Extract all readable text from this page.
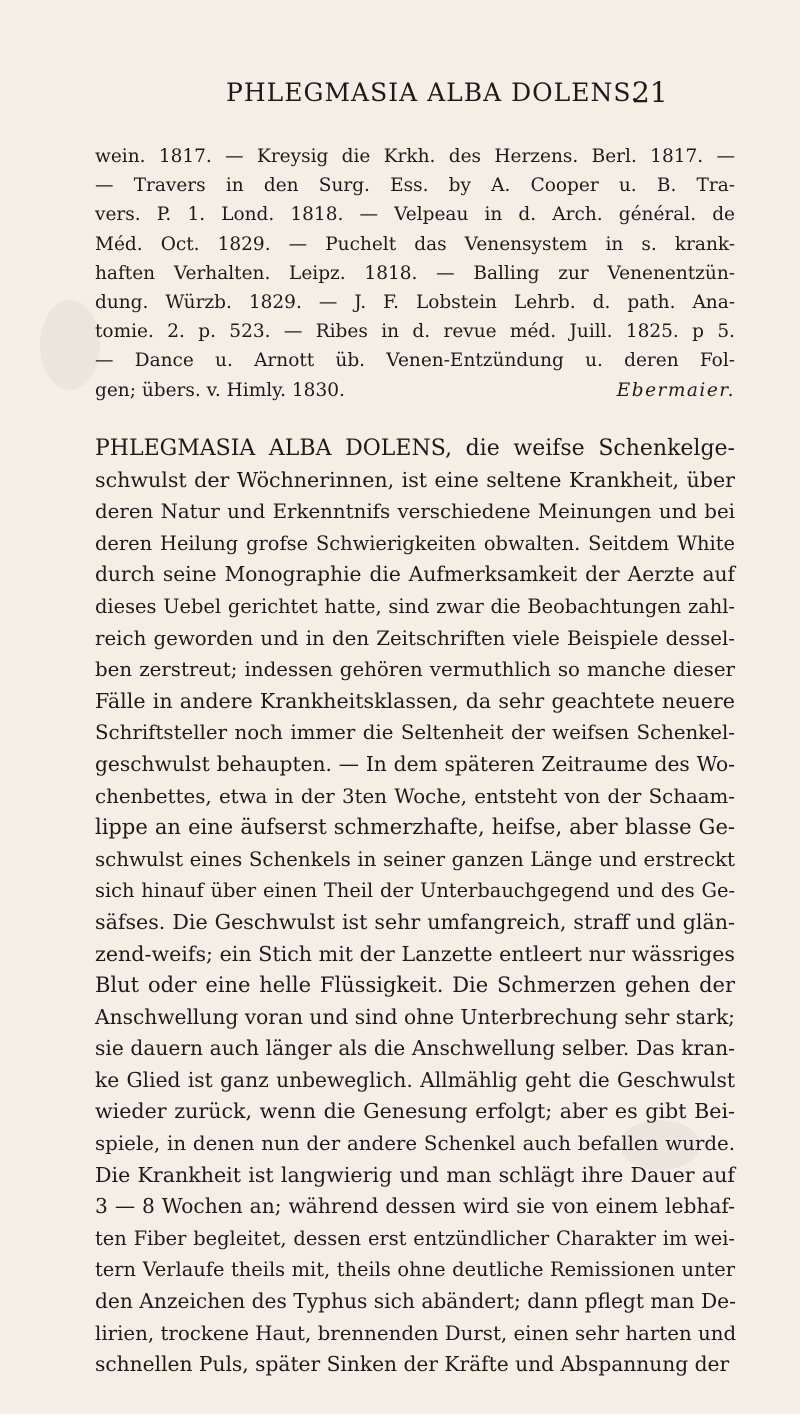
PHLEGMASIA ALBA DOLENS.
21
wein. 1817. — Kreysig die Krkh. des Herzens. Berl. 1817. —
— Travers in den Surg. Ess. by A. Cooper u. B. Tra-
vers. P. 1. Lond. 1818. — Velpeau in d. Arch. général. de
Méd. Oct. 1829. — Puchelt das Venensystem in s. krank-
haften Verhalten. Leipz. 1818. — Balling zur Venenentzün-
dung. Würzb. 1829. — J. F. Lobstein Lehrb. d. path. Ana-
tomie. 2. p. 523. — Ribes in d. revue méd. Juill. 1825. p 5.
— Dance u. Arnott üb. Venen-Entzündung u. deren Fol-
gen; übers. v. Himly. 1830.	Ebermaier.
PHLEGMASIA ALBA DOLENS, die weifse Schenkelge-
schwulst der Wöchnerinnen, ist eine seltene Krankheit, über
deren Natur und Erkenntnifs verschiedene Meinungen und bei
deren Heilung grofse Schwierigkeiten obwalten. Seitdem White
durch seine Monographie die Aufmerksamkeit der Aerzte auf
dieses Uebel gerichtet hatte, sind zwar die Beobachtungen zahl-
reich geworden und in den Zeitschriften viele Beispiele dessel-
ben zerstreut; indessen gehören vermuthlich so manche dieser
Fälle in andere Krankheitsklassen, da sehr geachtete neuere
Schriftsteller noch immer die Seltenheit der weifsen Schenkel-
geschwulst behaupten. — In dem späteren Zeitraume des Wo-
chenbettes, etwa in der 3ten Woche, entsteht von der Schaam-
lippe an eine äufserst schmerzhafte, heifse, aber blasse Ge-
schwulst eines Schenkels in seiner ganzen Länge und erstreckt
sich hinauf über einen Theil der Unterbauchgegend und des Ge-
säfses. Die Geschwulst ist sehr umfangreich, straff und glän-
zend-weifs; ein Stich mit der Lanzette entleert nur wässriges
Blut oder eine helle Flüssigkeit. Die Schmerzen gehen der
Anschwellung voran und sind ohne Unterbrechung sehr stark;
sie dauern auch länger als die Anschwellung selber. Das kran-
ke Glied ist ganz unbeweglich. Allmählig geht die Geschwulst
wieder zurück, wenn die Genesung erfolgt; aber es gibt Bei-
spiele, in denen nun der andere Schenkel auch befallen wurde.
Die Krankheit ist langwierig und man schlägt ihre Dauer auf
3 — 8 Wochen an; während dessen wird sie von einem lebhaf-
ten Fiber begleitet, dessen erst entzündlicher Charakter im wei-
tern Verlaufe theils mit, theils ohne deutliche Remissionen unter
den Anzeichen des Typhus sich abändert; dann pflegt man De-
lirien, trockene Haut, brennenden Durst, einen sehr harten und
schnellen Puls, später Sinken der Kräfte und Abspannung der
